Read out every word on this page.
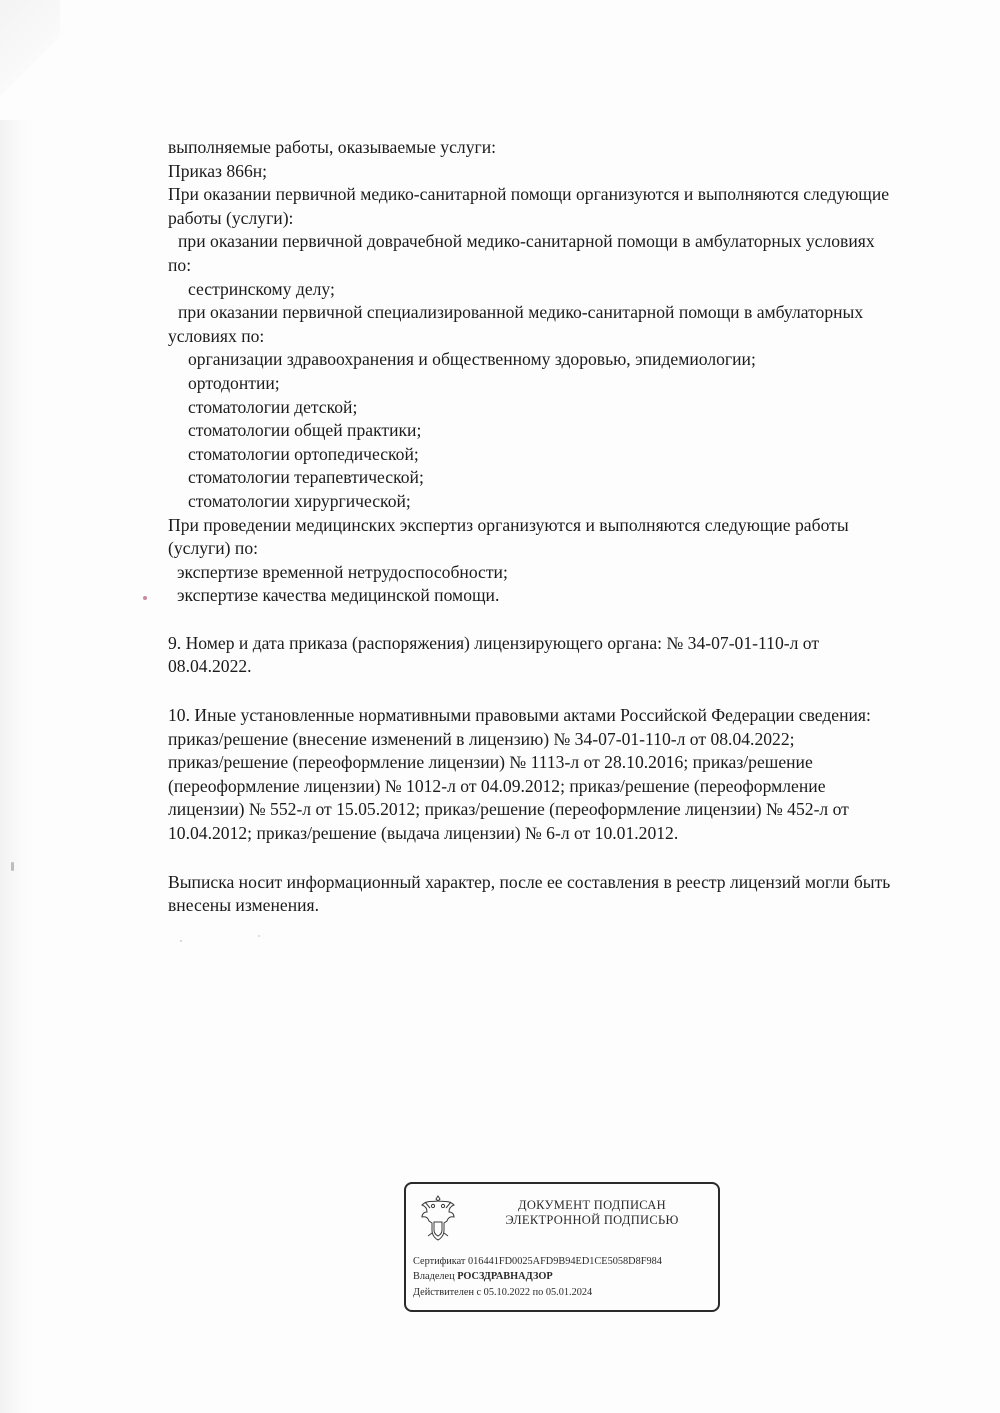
выполняемые работы, оказываемые услуги:
Приказ 866н;
При оказании первичной медико-санитарной помощи организуются и выполняются следующие
работы (услуги):
при оказании первичной доврачебной медико-санитарной помощи в амбулаторных условиях
по:
сестринскому делу;
при оказании первичной специализированной медико-санитарной помощи в амбулаторных
условиях по:
организации здравоохранения и общественному здоровью, эпидемиологии;
ортодонтии;
стоматологии детской;
стоматологии общей практики;
стоматологии ортопедической;
стоматологии терапевтической;
стоматологии хирургической;
При проведении медицинских экспертиз организуются и выполняются следующие работы
(услуги) по:
экспертизе временной нетрудоспособности;
экспертизе качества медицинской помощи.
9. Номер и дата приказа (распоряжения) лицензирующего органа: № 34-07-01-110-л от
08.04.2022.
10. Иные установленные нормативными правовыми актами Российской Федерации сведения:
приказ/решение (внесение изменений в лицензию) № 34-07-01-110-л от 08.04.2022;
приказ/решение (переоформление лицензии) № 1113-л от 28.10.2016; приказ/решение
(переоформление лицензии) № 1012-л от 04.09.2012; приказ/решение (переоформление
лицензии) № 552-л от 15.05.2012; приказ/решение (переоформление лицензии) № 452-л от
10.04.2012; приказ/решение (выдача лицензии) № 6-л от 10.01.2012.
Выписка носит информационный характер, после ее составления в реестр лицензий могли быть
внесены изменения.
ДОКУМЕНТ ПОДПИСАН
ЭЛЕКТРОННОЙ ПОДПИСЬЮ
Сертификат 016441FD0025AFD9B94ED1CE5058D8F984
Владелец РОСЗДРАВНАДЗОР
Действителен с 05.10.2022 по 05.01.2024
